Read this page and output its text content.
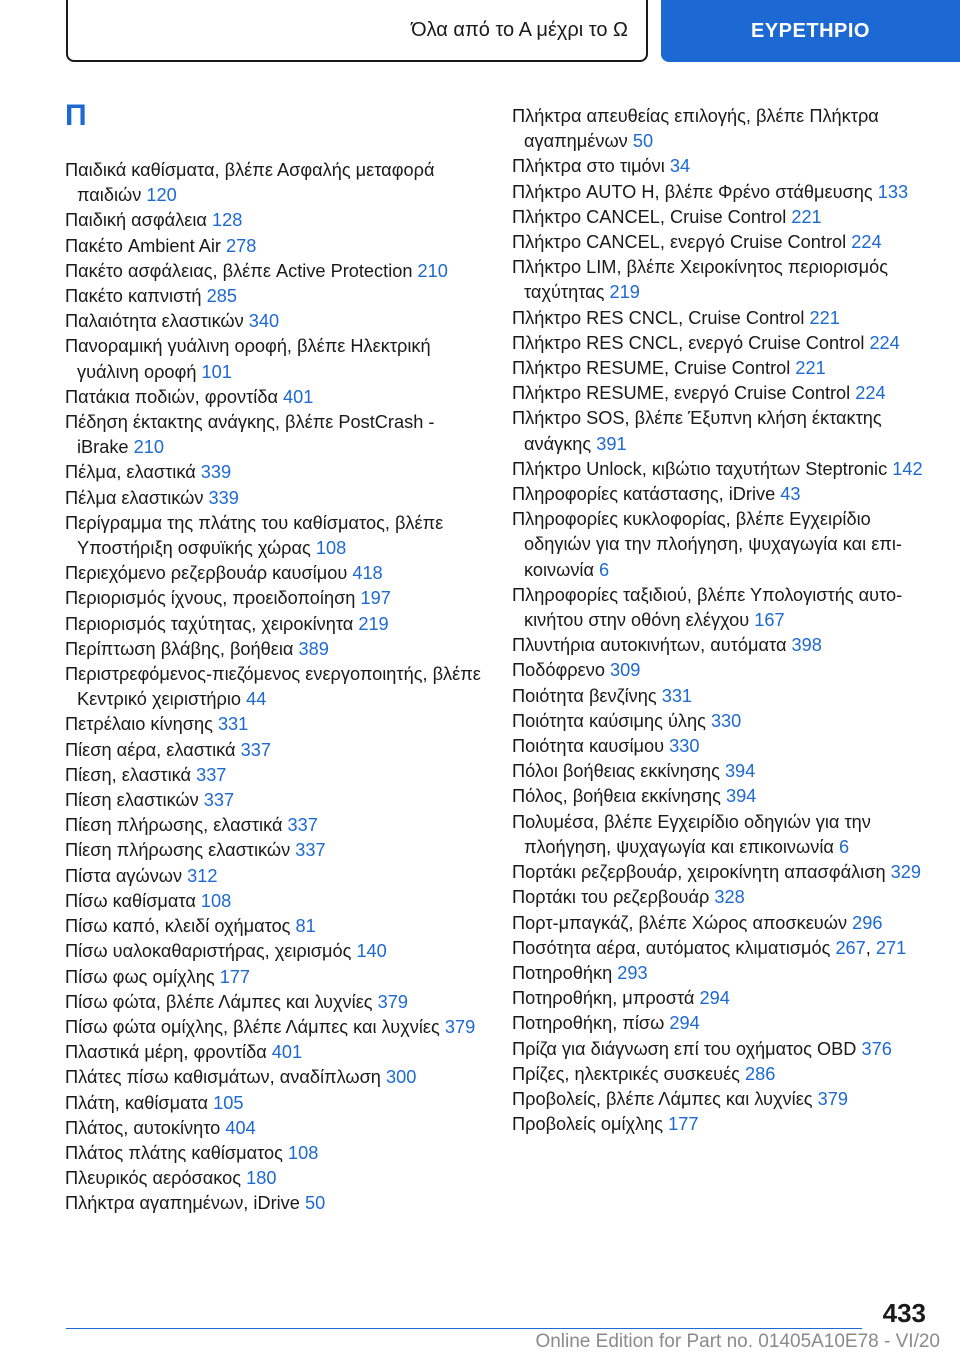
Όλα από το Α μέχρι το Ω	ΕΥΡΕΤΗΡΙΟ
Π
Παιδικά καθίσματα, βλέπε Ασφαλής μεταφορά παιδιών 120
Παιδική ασφάλεια 128
Πακέτο Ambient Air 278
Πακέτο ασφάλειας, βλέπε Active Protection 210
Πακέτο καπνιστή 285
Παλαιότητα ελαστικών 340
Πανοραμική γυάλινη οροφή, βλέπε Ηλεκτρική γυάλινη οροφή 101
Πατάκια ποδιών, φροντίδα 401
Πέδηση έκτακτης ανάγκης, βλέπε PostCrash - iBrake 210
Πέλμα, ελαστικά 339
Πέλμα ελαστικών 339
Περίγραμμα της πλάτης του καθίσματος, βλέπε Υποστήριξη οσφυϊκής χώρας 108
Περιεχόμενο ρεζερβουάρ καυσίμου 418
Περιορισμός ίχνους, προειδοποίηση 197
Περιορισμός ταχύτητας, χειροκίνητα 219
Περίπτωση βλάβης, βοήθεια 389
Περιστρεφόμενος-πιεζόμενος ενεργοποιητής, βλέπε Κεντρικό χειριστήριο 44
Πετρέλαιο κίνησης 331
Πίεση αέρα, ελαστικά 337
Πίεση, ελαστικά 337
Πίεση ελαστικών 337
Πίεση πλήρωσης, ελαστικά 337
Πίεση πλήρωσης ελαστικών 337
Πίστα αγώνων 312
Πίσω καθίσματα 108
Πίσω καπό, κλειδί οχήματος 81
Πίσω υαλοκαθαριστήρας, χειρισμός 140
Πίσω φως ομίχλης 177
Πίσω φώτα, βλέπε Λάμπες και λυχνίες 379
Πίσω φώτα ομίχλης, βλέπε Λάμπες και λυχνίες 379
Πλαστικά μέρη, φροντίδα 401
Πλάτες πίσω καθισμάτων, αναδίπλωση 300
Πλάτη, καθίσματα 105
Πλάτος, αυτοκίνητο 404
Πλάτος πλάτης καθίσματος 108
Πλευρικός αερόσακος 180
Πλήκτρα αγαπημένων, iDrive 50
Πλήκτρα απευθείας επιλογής, βλέπε Πλήκτρα αγαπημένων 50
Πλήκτρα στο τιμόνι 34
Πλήκτρο AUTO H, βλέπε Φρένο στάθμευσης 133
Πλήκτρο CANCEL, Cruise Control 221
Πλήκτρο CANCEL, ενεργό Cruise Control 224
Πλήκτρο LIM, βλέπε Χειροκίνητος περιορισμός ταχύτητας 219
Πλήκτρο RES CNCL, Cruise Control 221
Πλήκτρο RES CNCL, ενεργό Cruise Control 224
Πλήκτρο RESUME, Cruise Control 221
Πλήκτρο RESUME, ενεργό Cruise Control 224
Πλήκτρο SOS, βλέπε Έξυπνη κλήση έκτακτης ανάγκης 391
Πλήκτρο Unlock, κιβώτιο ταχυτήτων Steptronic 142
Πληροφορίες κατάστασης, iDrive 43
Πληροφορίες κυκλοφορίας, βλέπε Εγχειρίδιο οδηγιών για την πλοήγηση, ψυχαγωγία και επικοινωνία 6
Πληροφορίες ταξιδιού, βλέπε Υπολογιστής αυτοκινήτου στην οθόνη ελέγχου 167
Πλυντήρια αυτοκινήτων, αυτόματα 398
Ποδόφρενο 309
Ποιότητα βενζίνης 331
Ποιότητα καύσιμης ύλης 330
Ποιότητα καυσίμου 330
Πόλοι βοήθειας εκκίνησης 394
Πόλος, βοήθεια εκκίνησης 394
Πολυμέσα, βλέπε Εγχειρίδιο οδηγιών για την πλοήγηση, ψυχαγωγία και επικοινωνία 6
Πορτάκι ρεζερβουάρ, χειροκίνητη απασφάλιση 329
Πορτάκι του ρεζερβουάρ 328
Πορτ-μπαγκάζ, βλέπε Χώρος αποσκευών 296
Ποσότητα αέρα, αυτόματος κλιματισμός 267, 271
Ποτηροθήκη 293
Ποτηροθήκη, μπροστά 294
Ποτηροθήκη, πίσω 294
Πρίζα για διάγνωση επί του οχήματος OBD 376
Πρίζες, ηλεκτρικές συσκευές 286
Προβολείς, βλέπε Λάμπες και λυχνίες 379
Προβολείς ομίχλης 177
433
Online Edition for Part no. 01405A10E78 - VI/20
